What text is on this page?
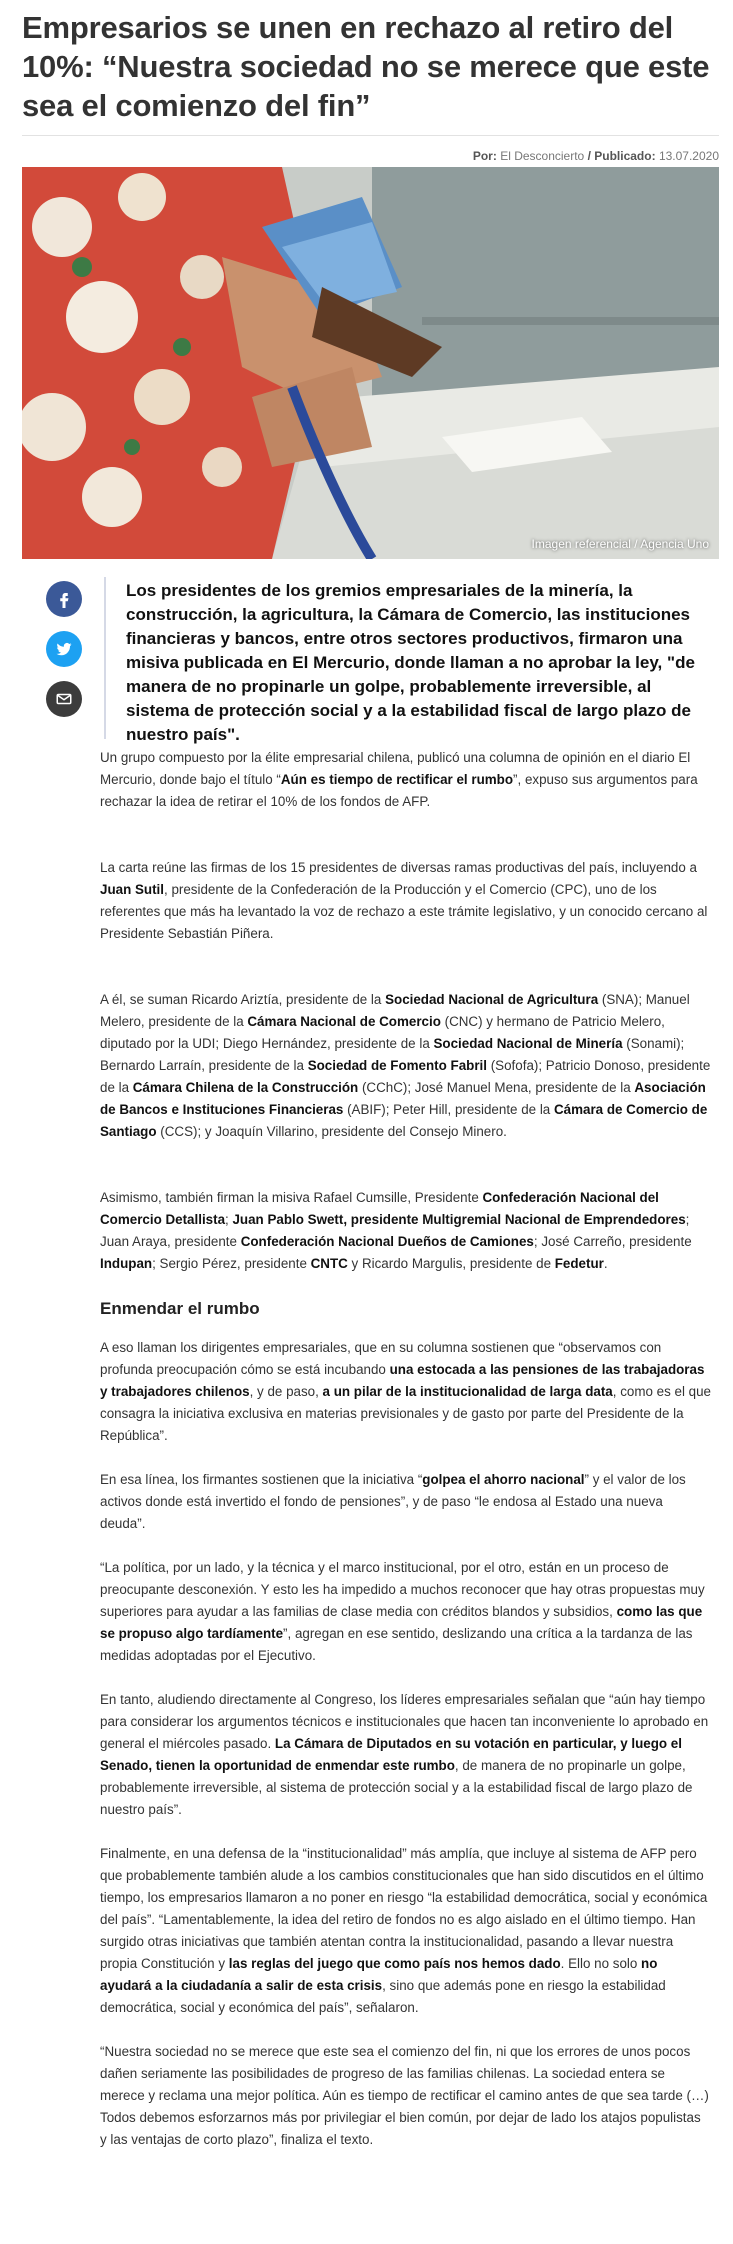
Empresarios se unen en rechazo al retiro del 10%: “Nuestra sociedad no se merece que este sea el comienzo del fin”
Por: El Desconcierto / Publicado: 13.07.2020
Imagen referencial / Agencia Uno

Los presidentes de los gremios empresariales de la minería, la construcción, la agricultura, la Cámara de Comercio, las instituciones financieras y bancos, entre otros sectores productivos, firmaron una misiva publicada en El Mercurio, donde llaman a no aprobar la ley, "de manera de no propinarle un golpe, probablemente irreversible, al sistema de protección social y a la estabilidad fiscal de largo plazo de nuestro país".

Un grupo compuesto por la élite empresarial chilena, publicó una columna de opinión en el diario El Mercurio, donde bajo el título “Aún es tiempo de rectificar el rumbo”, expuso sus argumentos para rechazar la idea de retirar el 10% de los fondos de AFP.

La carta reúne las firmas de los 15 presidentes de diversas ramas productivas del país, incluyendo a Juan Sutil, presidente de la Confederación de la Producción y el Comercio (CPC), uno de los referentes que más ha levantado la voz de rechazo a este trámite legislativo, y un conocido cercano al Presidente Sebastián Piñera.

A él, se suman Ricardo Ariztía, presidente de la Sociedad Nacional de Agricultura (SNA); Manuel Melero, presidente de la Cámara Nacional de Comercio (CNC) y hermano de Patricio Melero, diputado por la UDI; Diego Hernández, presidente de la Sociedad Nacional de Minería (Sonami); Bernardo Larraín, presidente de la Sociedad de Fomento Fabril (Sofofa); Patricio Donoso, presidente de la Cámara Chilena de la Construcción (CChC); José Manuel Mena, presidente de la Asociación de Bancos e Instituciones Financieras (ABIF); Peter Hill, presidente de la Cámara de Comercio de Santiago (CCS); y Joaquín Villarino, presidente del Consejo Minero.

Asimismo, también firman la misiva Rafael Cumsille, Presidente Confederación Nacional del Comercio Detallista; Juan Pablo Swett, presidente Multigremial Nacional de Emprendedores; Juan Araya, presidente Confederación Nacional Dueños de Camiones; José Carreño, presidente Indupan; Sergio Pérez, presidente CNTC y Ricardo Margulis, presidente de Fedetur.

Enmendar el rumbo

A eso llaman los dirigentes empresariales, que en su columna sostienen que “observamos con profunda preocupación cómo se está incubando una estocada a las pensiones de las trabajadoras y trabajadores chilenos, y de paso, a un pilar de la institucionalidad de larga data, como es el que consagra la iniciativa exclusiva en materias previsionales y de gasto por parte del Presidente de la República”.

En esa línea, los firmantes sostienen que la iniciativa “golpea el ahorro nacional” y el valor de los activos donde está invertido el fondo de pensiones”, y de paso “le endosa al Estado una nueva deuda”.

“La política, por un lado, y la técnica y el marco institucional, por el otro, están en un proceso de preocupante desconexión. Y esto les ha impedido a muchos reconocer que hay otras propuestas muy superiores para ayudar a las familias de clase media con créditos blandos y subsidios, como las que se propuso algo tardíamente”, agregan en ese sentido, deslizando una crítica a la tardanza de las medidas adoptadas por el Ejecutivo.

En tanto, aludiendo directamente al Congreso, los líderes empresariales señalan que “aún hay tiempo para considerar los argumentos técnicos e institucionales que hacen tan inconveniente lo aprobado en general el miércoles pasado. La Cámara de Diputados en su votación en particular, y luego el Senado, tienen la oportunidad de enmendar este rumbo, de manera de no propinarle un golpe, probablemente irreversible, al sistema de protección social y a la estabilidad fiscal de largo plazo de nuestro país”.

Finalmente, en una defensa de la “institucionalidad” más amplía, que incluye al sistema de AFP pero que probablemente también alude a los cambios constitucionales que han sido discutidos en el último tiempo, los empresarios llamaron a no poner en riesgo “la estabilidad democrática, social y económica del país”. “Lamentablemente, la idea del retiro de fondos no es algo aislado en el último tiempo. Han surgido otras iniciativas que también atentan contra la institucionalidad, pasando a llevar nuestra propia Constitución y las reglas del juego que como país nos hemos dado. Ello no solo no ayudará a la ciudadanía a salir de esta crisis, sino que además pone en riesgo la estabilidad democrática, social y económica del país”, señalaron.

“Nuestra sociedad no se merece que este sea el comienzo del fin, ni que los errores de unos pocos dañen seriamente las posibilidades de progreso de las familias chilenas. La sociedad entera se merece y reclama una mejor política. Aún es tiempo de rectificar el camino antes de que sea tarde (…) Todos debemos esforzarnos más por privilegiar el bien común, por dejar de lado los atajos populistas y las ventajas de corto plazo”, finaliza el texto.
